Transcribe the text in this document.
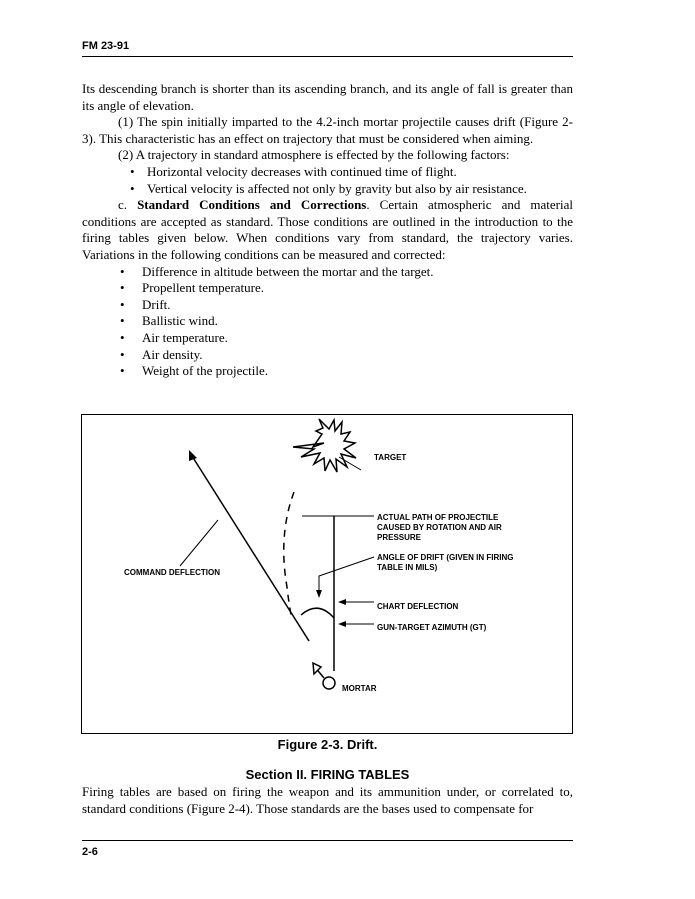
FM 23-91

Its descending branch is shorter than its ascending branch, and its angle of fall is greater than its angle of elevation.

(1) The spin initially imparted to the 4.2-inch mortar projectile causes drift (Figure 2-3). This characteristic has an effect on trajectory that must be considered when aiming.

(2) A trajectory in standard atmosphere is effected by the following factors:

• Horizontal velocity decreases with continued time of flight.

• Vertical velocity is affected not only by gravity but also by air resistance.

c. Standard Conditions and Corrections. Certain atmospheric and material conditions are accepted as standard. Those conditions are outlined in the introduction to the firing tables given below. When conditions vary from standard, the trajectory varies. Variations in the following conditions can be measured and corrected:

• Difference in altitude between the mortar and the target.
• Propellent temperature.
• Drift.
• Ballistic wind.
• Air temperature.
• Air density.
• Weight of the projectile.
TARGET
ACTUAL PATH OF PROJECTILE
CAUSED BY ROTATION AND AIR
PRESSURE
ANGLE OF DRIFT (GIVEN IN FIRING
TABLE IN MILS)
COMMAND DEFLECTION
CHART DEFLECTION
GUN-TARGET AZIMUTH (GT)
MORTAR
Figure 2-3. Drift.
Section II. FIRING TABLES

Firing tables are based on firing the weapon and its ammunition under, or correlated to, standard conditions (Figure 2-4). Those standards are the bases used to compensate for

2-6
